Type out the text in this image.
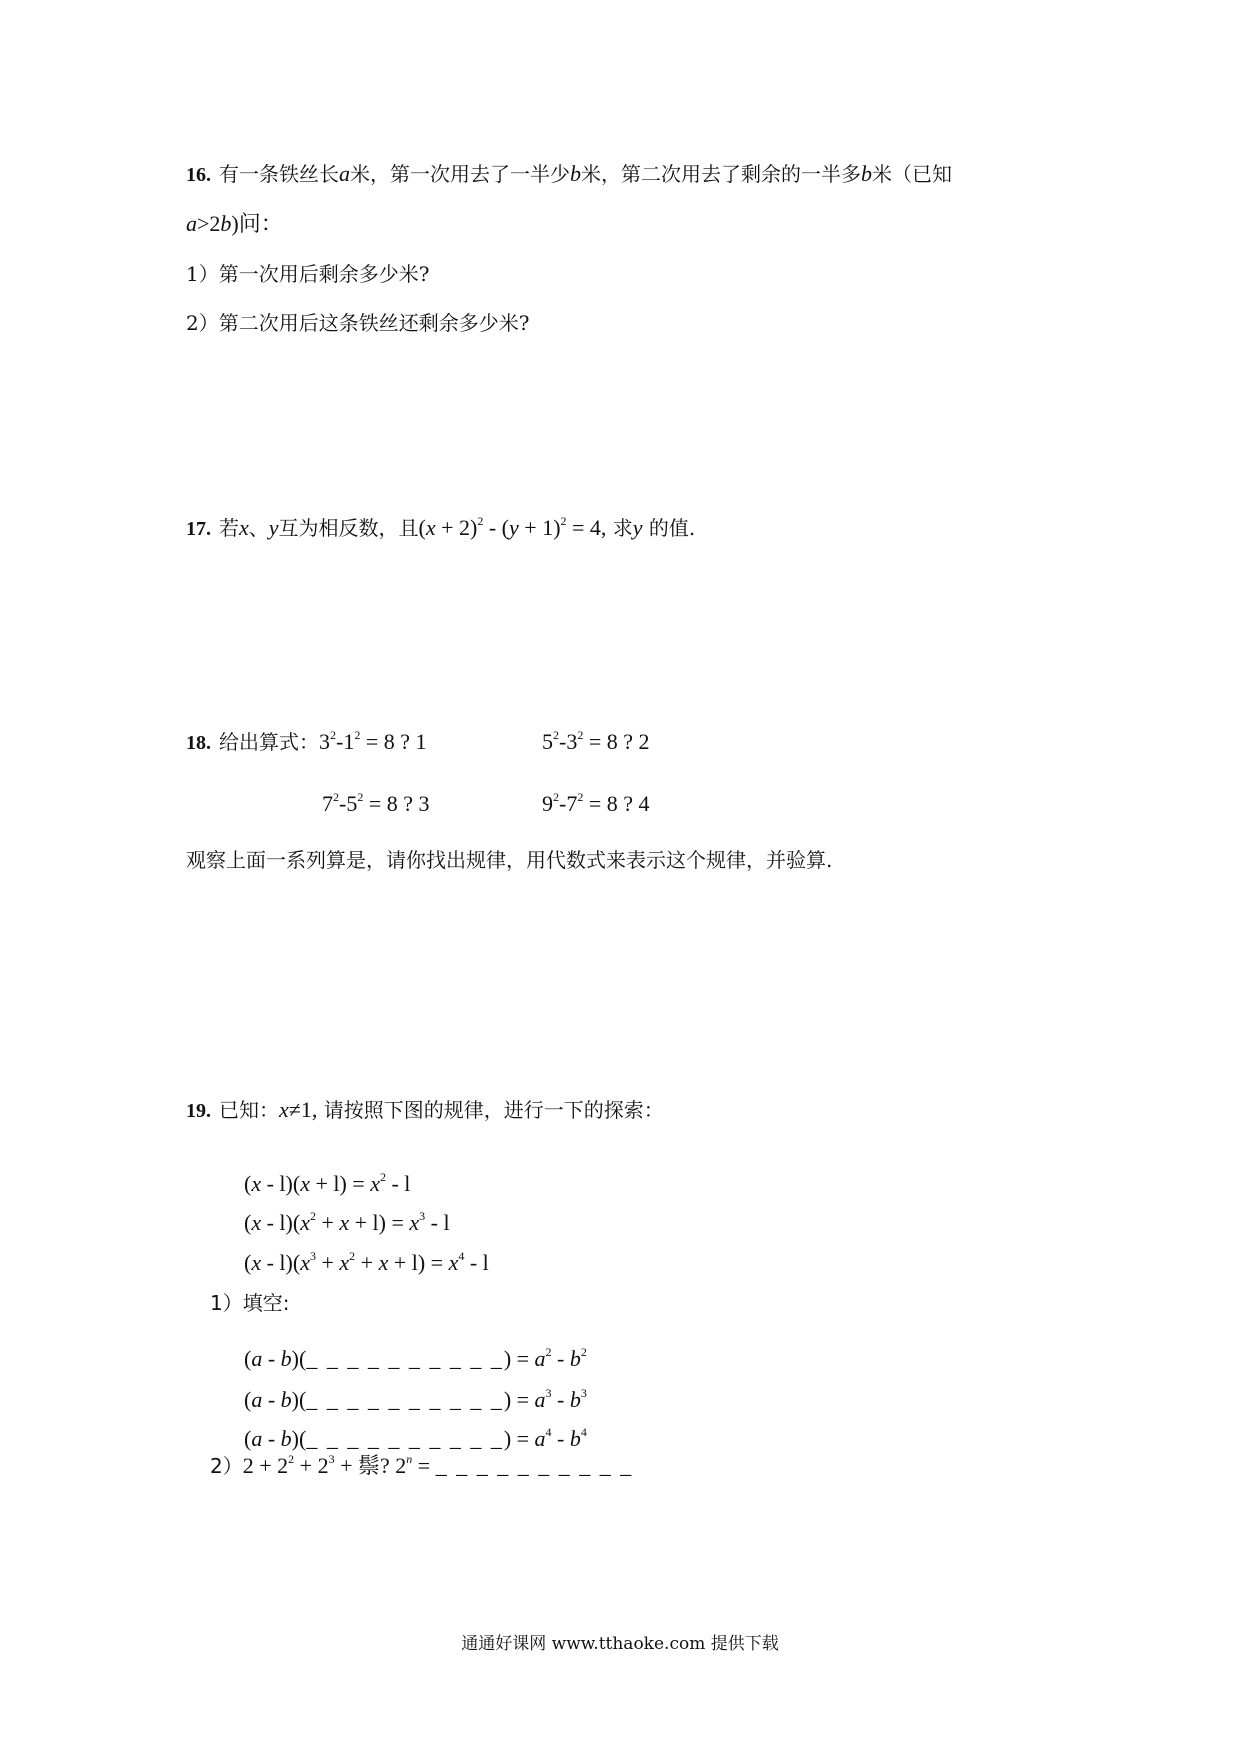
16. 有一条铁丝长a米，第一次用去了一半少b米，第二次用去了剩余的一半多b米（已知
a>2b)问：
1）第一次用后剩余多少米?
2）第二次用后这条铁丝还剩余多少米?
17. 若x、y互为相反数，且$(x + 2)^2 - (y + 1)^2 = 4$, 求y 的值.
18. 给出算式：$3^2-1^2 = 8$ ? 1	$5^2-3^2 = 8$ ? 2
$7^2-5^2 = 8$ ? 3	$9^2-7^2 = 8$ ? 4
观察上面一系列算是，请你找出规律，用代数式来表示这个规律，并验算.
19. 已知：x≠1, 请按照下图的规律，进行一下的探索：
$(x - l)(x + l) = x^2 - l$
$(x - l)(x^2 + x + l) = x^3 - l$
$(x - l)(x^3 + x^2 + x + l) = x^4 - l$
1）填空:
(a - b)(_ _ _ _ _ _ _ _ _ _) = $a^2 - b^2$
(a - b)(_ _ _ _ _ _ _ _ _ _) = $a^3 - b^3$
(a - b)(_ _ _ _ _ _ _ _ _ _) = $a^4 - b^4$
$2)2 + 2^2 + 2^3$ + 鬃? $2^n$ = _ _ _ _ _ _ _ _ _ _
通通好课网 www.tthaoke.com 提供下载
